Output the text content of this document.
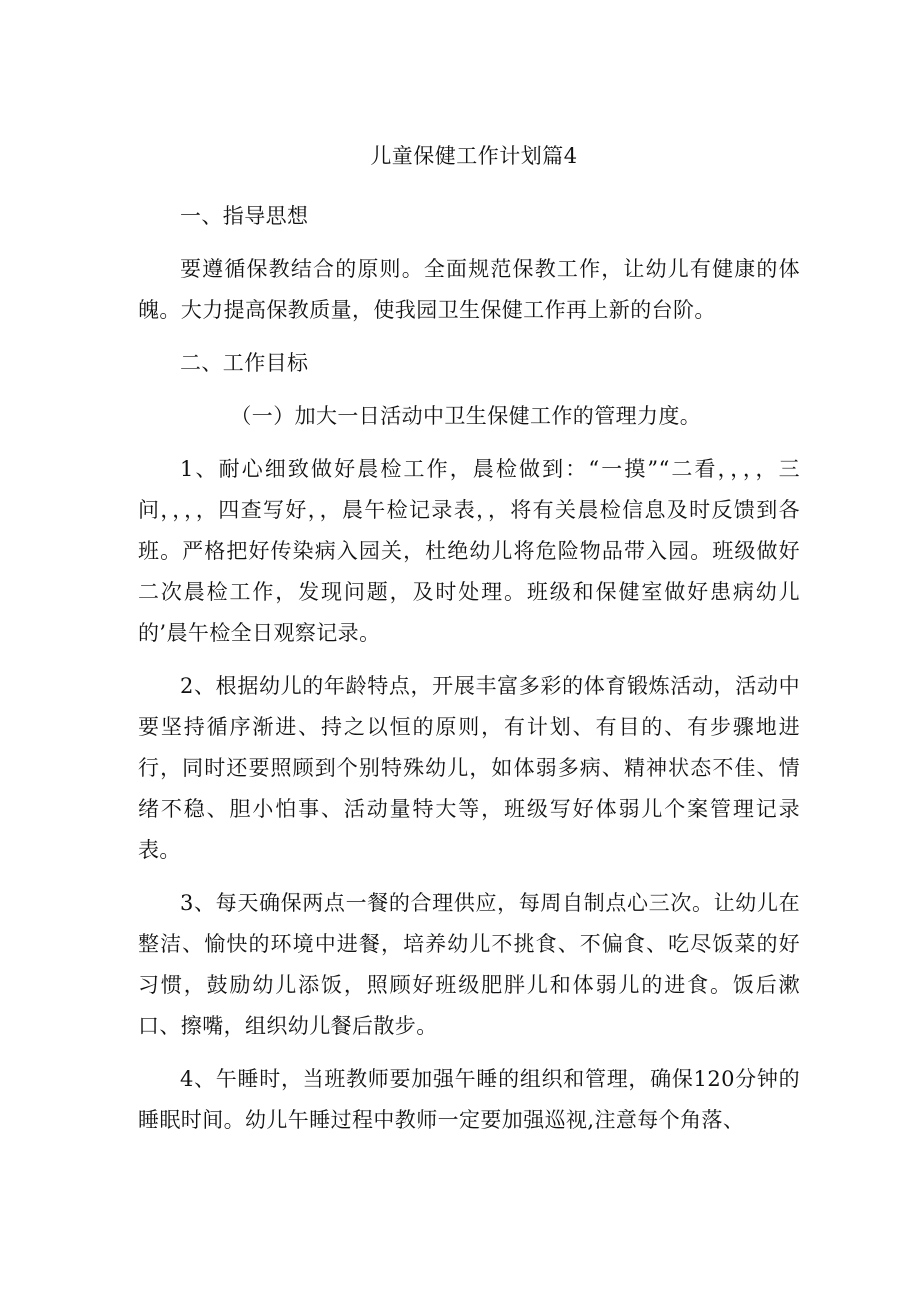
儿童保健工作计划篇4
一、指导思想
要遵循保教结合的原则。全面规范保教工作，让幼儿有健康的体魄。大力提高保教质量，使我园卫生保健工作再上新的台阶。
二、工作目标
（一）加大一日活动中卫生保健工作的管理力度。
1、耐心细致做好晨检工作，晨检做到：“一摸”“二看，，，，三问，，，，四查写好，，晨午检记录表，，将有关晨检信息及时反馈到各班。严格把好传染病入园关，杜绝幼儿将危险物品带入园。班级做好二次晨检工作，发现问题，及时处理。班级和保健室做好患病幼儿的’晨午检全日观察记录。
2、根据幼儿的年龄特点，开展丰富多彩的体育锻炼活动，活动中要坚持循序渐进、持之以恒的原则，有计划、有目的、有步骤地进行，同时还要照顾到个别特殊幼儿，如体弱多病、精神状态不佳、情绪不稳、胆小怕事、活动量特大等，班级写好体弱儿个案管理记录表。
3、每天确保两点一餐的合理供应，每周自制点心三次。让幼儿在整洁、愉快的环境中进餐，培养幼儿不挑食、不偏食、吃尽饭菜的好习惯，鼓励幼儿添饭，照顾好班级肥胖儿和体弱儿的进食。饭后漱口、擦嘴，组织幼儿餐后散步。
4、午睡时，当班教师要加强午睡的组织和管理，确保120分钟的睡眠时间。幼儿午睡过程中教师一定要加强巡视,注意每个角落、
